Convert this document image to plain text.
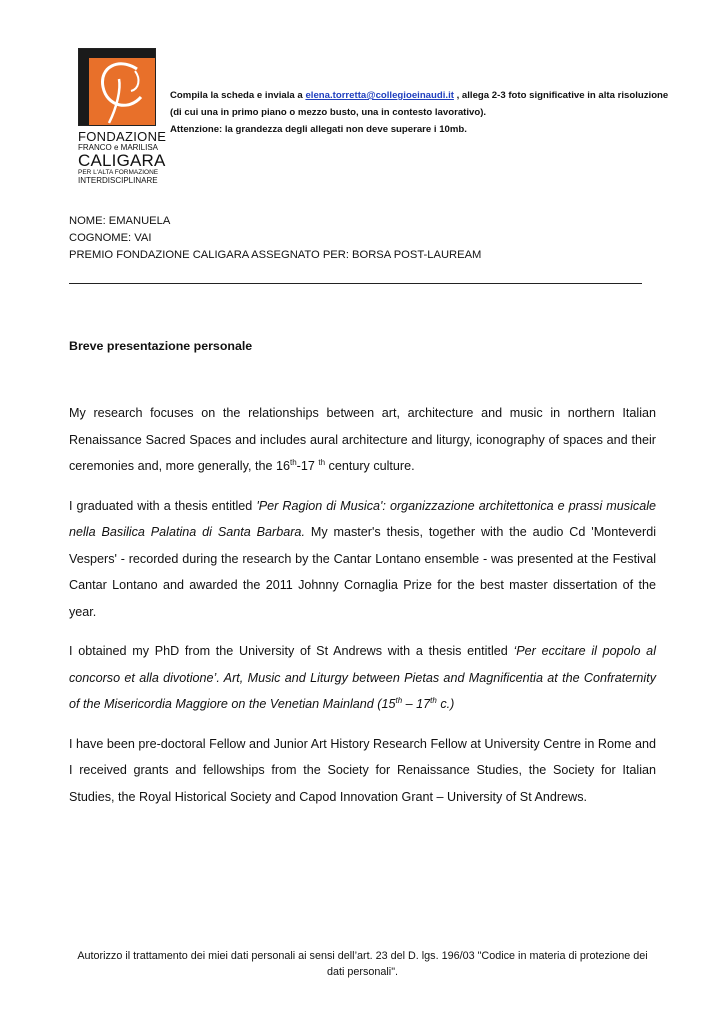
FONDAZIONE
FRANCO e MARILISA
CALIGARA
PER L'ALTA FORMAZIONE
INTERDISCIPLINARE
Compila la scheda e inviala a elena.torretta@collegioeinaudi.it , allega 2-3 foto significative in alta risoluzione (di cui una in primo piano o mezzo busto, una in contesto lavorativo).
Attenzione: la grandezza degli allegati non deve superare i 10mb.
NOME: EMANUELA
COGNOME: VAI
PREMIO FONDAZIONE CALIGARA ASSEGNATO PER: BORSA POST-LAUREAM
Breve presentazione personale

My research focuses on the relationships between art, architecture and music in northern Italian Renaissance Sacred Spaces and includes aural architecture and liturgy, iconography of spaces and their ceremonies and, more generally, the 16th-17 $^{th}$ century culture.

I graduated with a thesis entitled 'Per Ragion di Musica': organizzazione architettonica e prassi musicale nella Basilica Palatina di Santa Barbara. My master's thesis, together with the audio Cd 'Monteverdi Vespers' - recorded during the research by the Cantar Lontano ensemble - was presented at the Festival Cantar Lontano and awarded the 2011 Johnny Cornaglia Prize for the best master dissertation of the year.

I obtained my PhD from the University of St Andrews with a thesis entitled ‘Per eccitare il popolo al concorso et alla divotione’. Art, Music and Liturgy between Pietas and Magnificentia at the Confraternity of the Misericordia Maggiore on the Venetian Mainland (15th – 17th c.)

I have been pre-doctoral Fellow and Junior Art History Research Fellow at University Centre in Rome and I received grants and fellowships from the Society for Renaissance Studies, the Society for Italian Studies, the Royal Historical Society and Capod Innovation Grant – University of St Andrews.

Autorizzo il trattamento dei miei dati personali ai sensi dell’art. 23 del D. lgs. 196/03 "Codice in materia di protezione dei dati personali".
